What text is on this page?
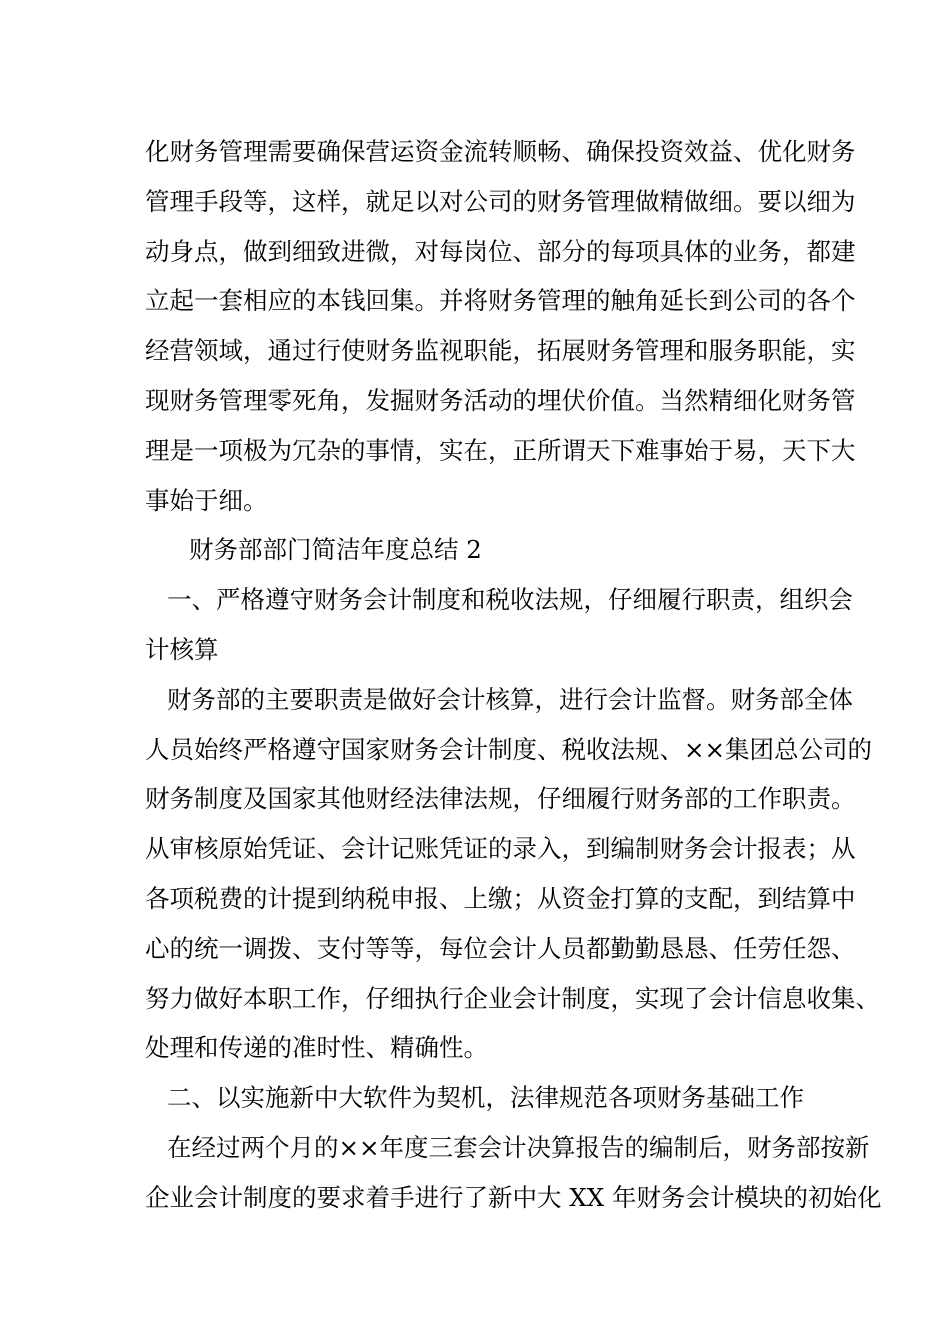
化财务管理需要确保营运资金流转顺畅、确保投资效益、优化财务
管理手段等，这样，就足以对公司的财务管理做精做细。要以细为
动身点，做到细致进微，对每岗位、部分的每项具体的业务，都建
立起一套相应的本钱回集。并将财务管理的触角延长到公司的各个
经营领域，通过行使财务监视职能，拓展财务管理和服务职能，实
现财务管理零死角，发掘财务活动的埋伏价值。当然精细化财务管
理是一项极为冗杂的事情，实在，正所谓天下难事始于易，天下大
事始于细。
财务部部门简洁年度总结 2
一、严格遵守财务会计制度和税收法规，仔细履行职责，组织会
计核算
财务部的主要职责是做好会计核算，进行会计监督。财务部全体
人员始终严格遵守国家财务会计制度、税收法规、××集团总公司的
财务制度及国家其他财经法律法规，仔细履行财务部的工作职责。
从审核原始凭证、会计记账凭证的录入，到编制财务会计报表；从
各项税费的计提到纳税申报、上缴；从资金打算的支配，到结算中
心的统一调拨、支付等等，每位会计人员都勤勤恳恳、任劳任怨、
努力做好本职工作，仔细执行企业会计制度，实现了会计信息收集、
处理和传递的准时性、精确性。
二、以实施新中大软件为契机，法律规范各项财务基础工作
在经过两个月的××年度三套会计决算报告的编制后，财务部按新
企业会计制度的要求着手进行了新中大 XX 年财务会计模块的初始化
